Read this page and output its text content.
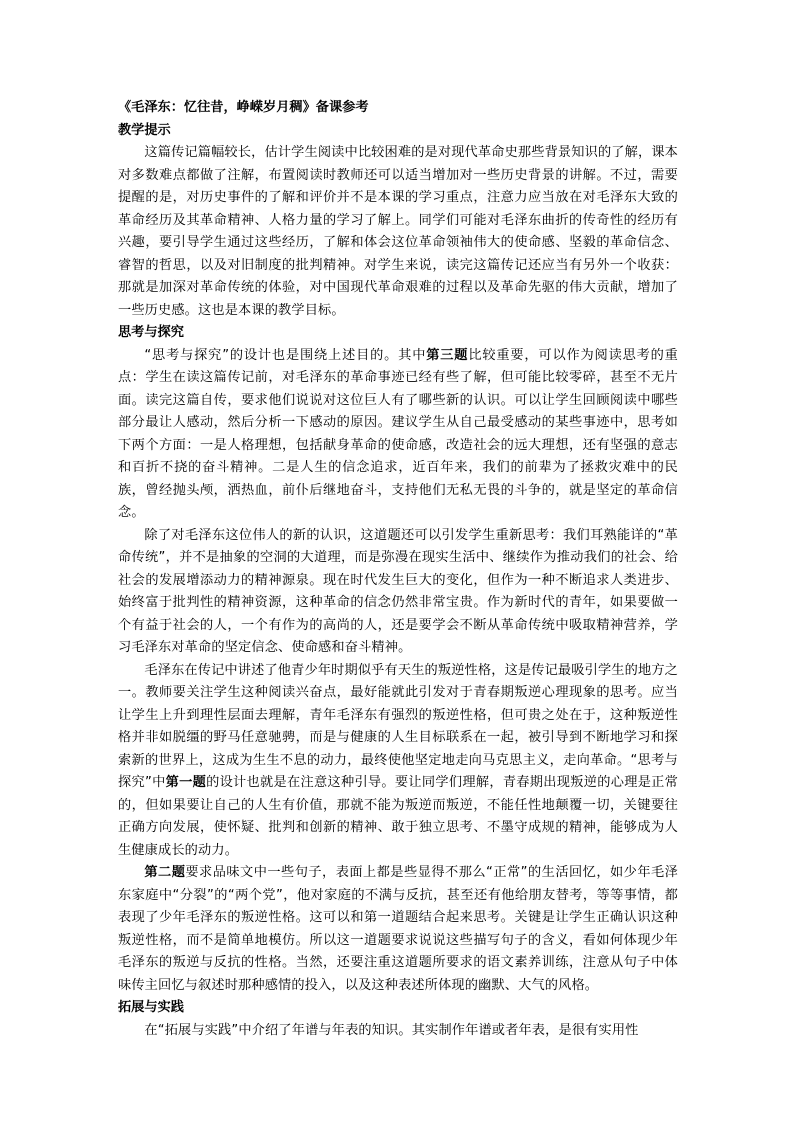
《毛泽东：忆往昔，峥嵘岁月稠》备课参考
教学提示

这篇传记篇幅较长，估计学生阅读中比较困难的是对现代革命史那些背景知识的了解，课本对多数难点都做了注解，布置阅读时教师还可以适当增加对一些历史背景的讲解。不过，需要提醒的是，对历史事件的了解和评价并不是本课的学习重点，注意力应当放在对毛泽东大致的革命经历及其革命精神、人格力量的学习了解上。同学们可能对毛泽东曲折的传奇性的经历有兴趣，要引导学生通过这些经历，了解和体会这位革命领袖伟大的使命感、坚毅的革命信念、睿智的哲思，以及对旧制度的批判精神。对学生来说，读完这篇传记还应当有另外一个收获：那就是加深对革命传统的体验，对中国现代革命艰难的过程以及革命先驱的伟大贡献，增加了一些历史感。这也是本课的教学目标。

思考与探究

“思考与探究”的设计也是围绕上述目的。其中第三题比较重要，可以作为阅读思考的重点：学生在读这篇传记前，对毛泽东的革命事迹已经有些了解，但可能比较零碎，甚至不无片面。读完这篇自传，要求他们说说对这位巨人有了哪些新的认识。可以让学生回顾阅读中哪些部分最让人感动，然后分析一下感动的原因。建议学生从自己最受感动的某些事迹中，思考如下两个方面：一是人格理想，包括献身革命的使命感，改造社会的远大理想，还有坚强的意志和百折不挠的奋斗精神。二是人生的信念追求，近百年来，我们的前辈为了拯救灾难中的民族，曾经抛头颅，洒热血，前仆后继地奋斗，支持他们无私无畏的斗争的，就是坚定的革命信念。

除了对毛泽东这位伟人的新的认识，这道题还可以引发学生重新思考：我们耳熟能详的“革命传统”，并不是抽象的空洞的大道理，而是弥漫在现实生活中、继续作为推动我们的社会、给社会的发展增添动力的精神源泉。现在时代发生巨大的变化，但作为一种不断追求人类进步、始终富于批判性的精神资源，这种革命的信念仍然非常宝贵。作为新时代的青年，如果要做一个有益于社会的人，一个有作为的高尚的人，还是要学会不断从革命传统中吸取精神营养，学习毛泽东对革命的坚定信念、使命感和奋斗精神。

毛泽东在传记中讲述了他青少年时期似乎有天生的叛逆性格，这是传记最吸引学生的地方之一。教师要关注学生这种阅读兴奋点，最好能就此引发对于青春期叛逆心理现象的思考。应当让学生上升到理性层面去理解，青年毛泽东有强烈的叛逆性格，但可贵之处在于，这种叛逆性格并非如脱缰的野马任意驰骋，而是与健康的人生目标联系在一起，被引导到不断地学习和探索新的世界上，这成为生生不息的动力，最终使他坚定地走向马克思主义，走向革命。“思考与探究”中第一题的设计也就是在注意这种引导。要让同学们理解，青春期出现叛逆的心理是正常的，但如果要让自己的人生有价值，那就不能为叛逆而叛逆，不能任性地颠覆一切，关键要往正确方向发展，使怀疑、批判和创新的精神、敢于独立思考、不墨守成规的精神，能够成为人生健康成长的动力。

第二题要求品味文中一些句子，表面上都是些显得不那么“正常”的生活回忆，如少年毛泽东家庭中“分裂”的“两个党”，他对家庭的不满与反抗，甚至还有他给朋友替考，等等事情，都表现了少年毛泽东的叛逆性格。这可以和第一道题结合起来思考。关键是让学生正确认识这种叛逆性格，而不是简单地模仿。所以这一道题要求说说这些描写句子的含义，看如何体现少年毛泽东的叛逆与反抗的性格。当然，还要注重这道题所要求的语文素养训练，注意从句子中体味传主回忆与叙述时那种感情的投入，以及这种表述所体现的幽默、大气的风格。

拓展与实践

在“拓展与实践”中介绍了年谱与年表的知识。其实制作年谱或者年表，是很有实用性
